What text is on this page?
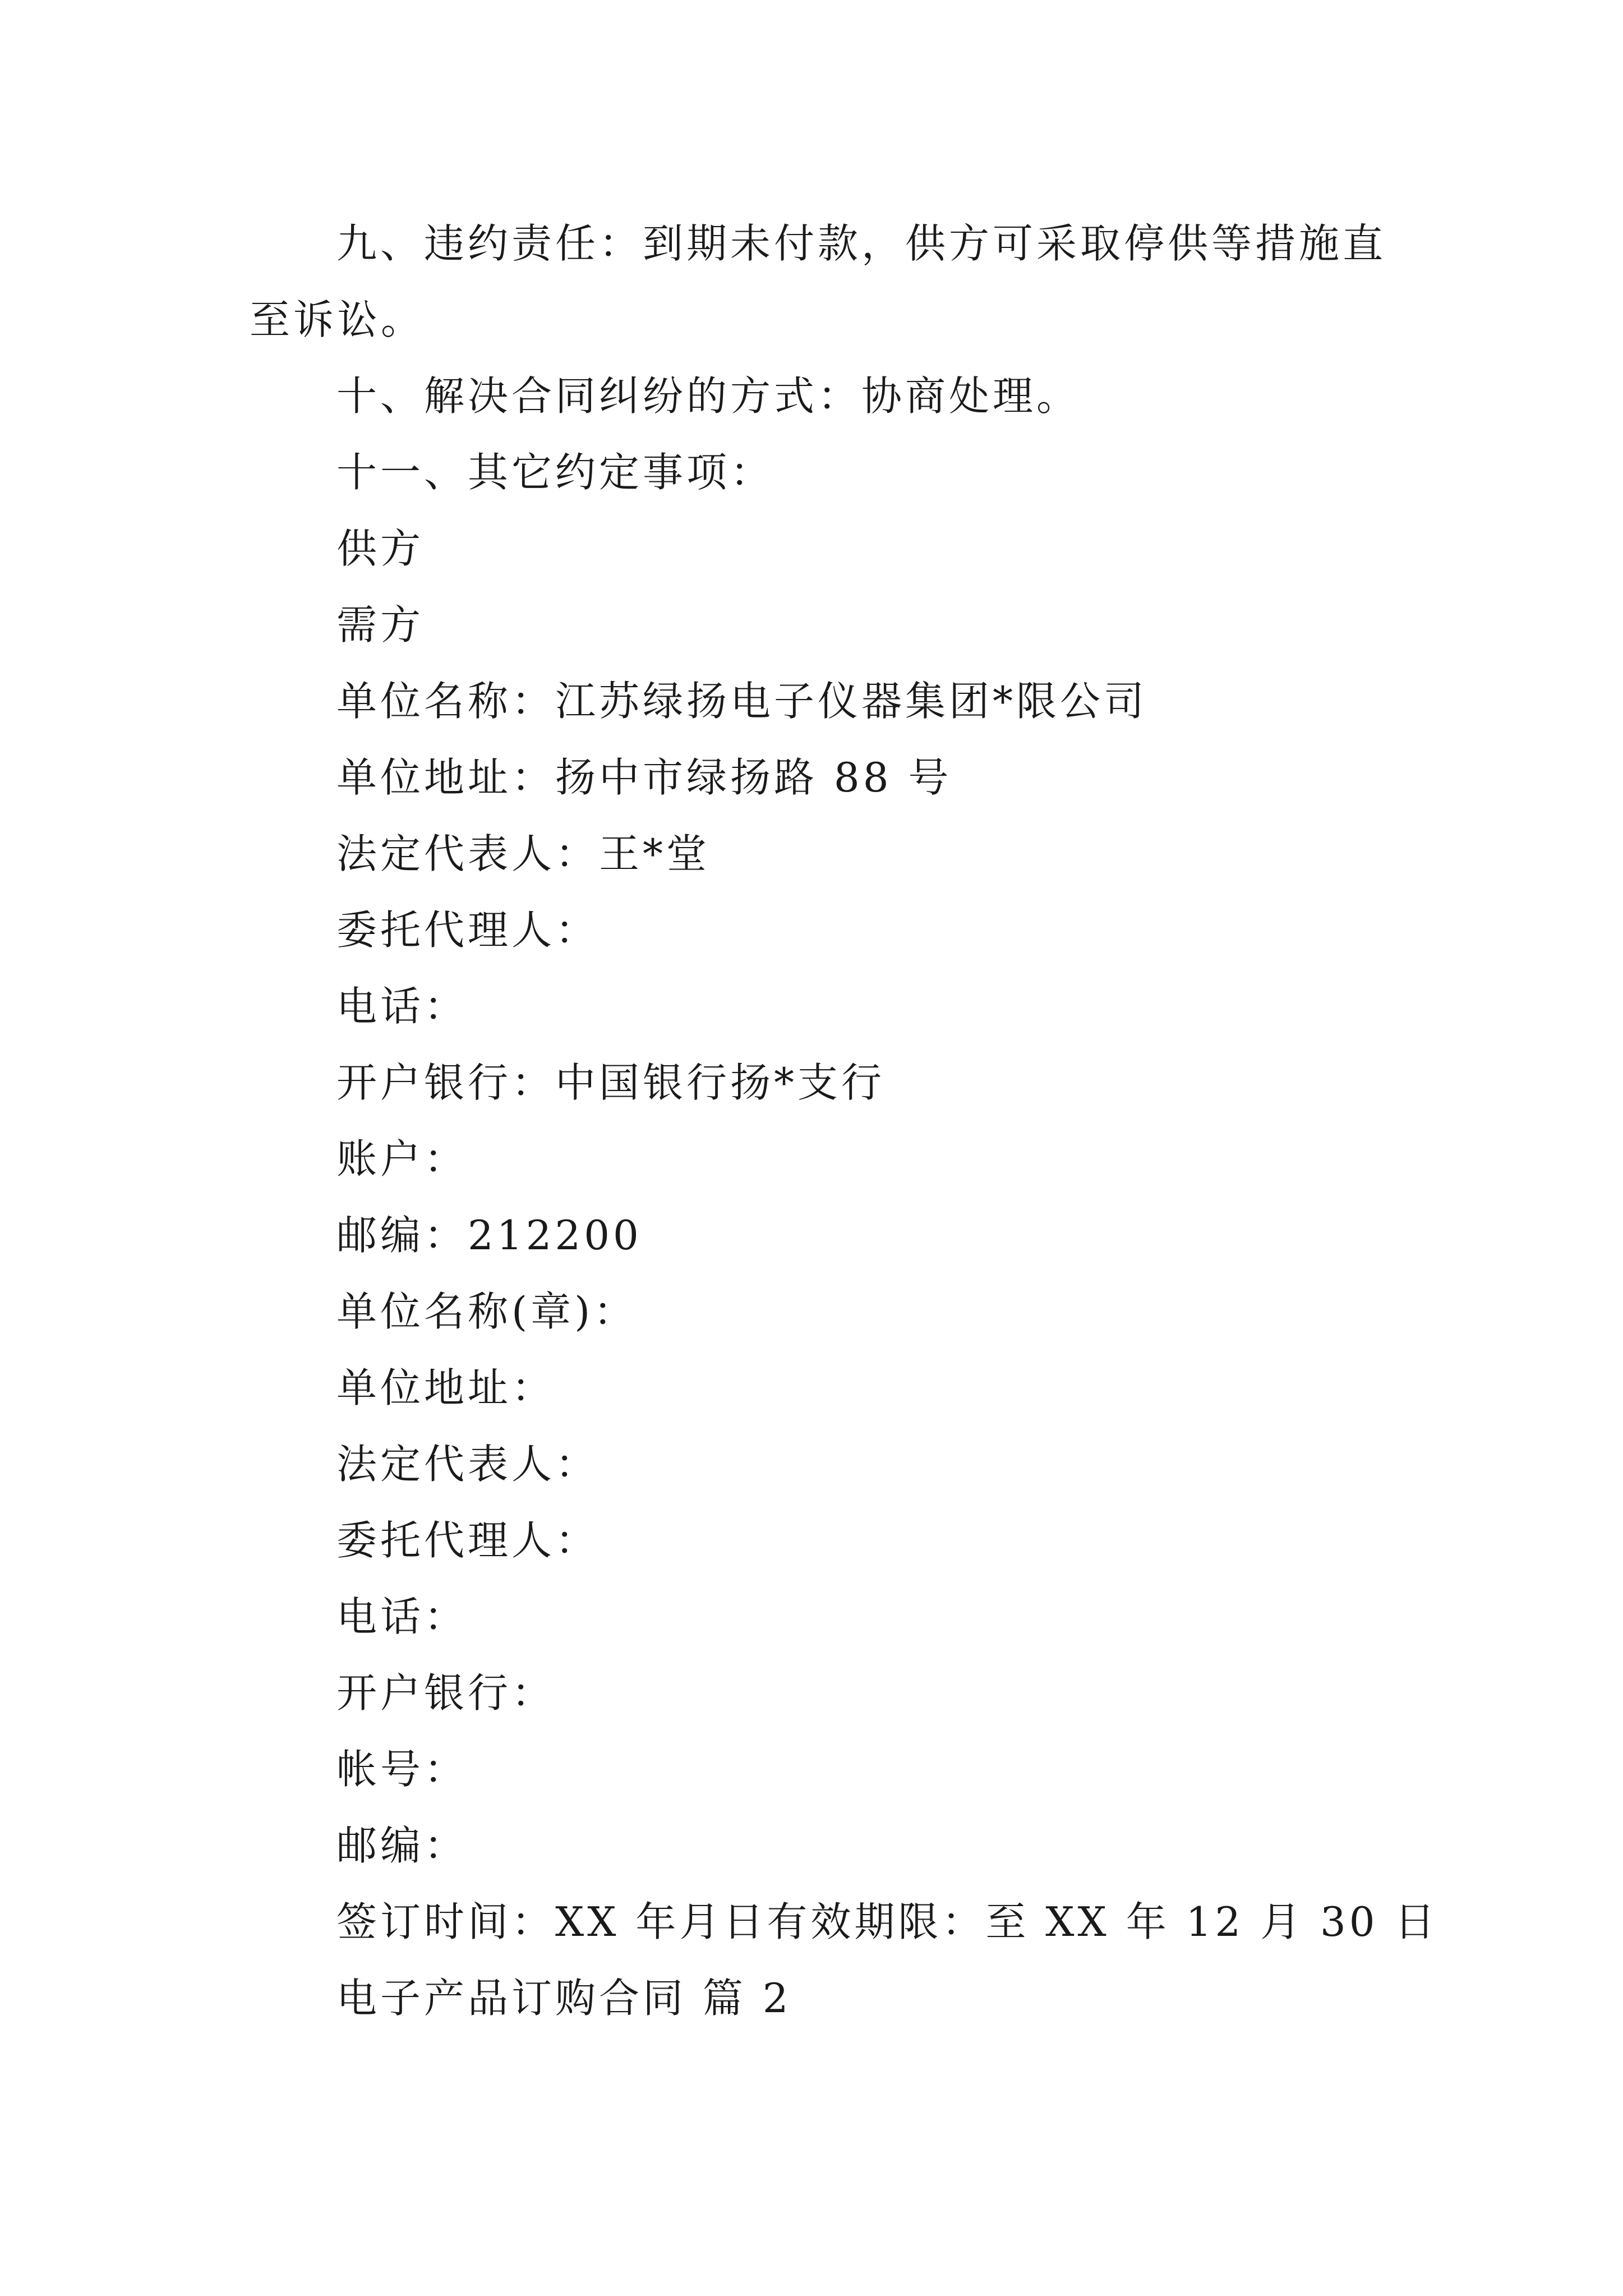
九、违约责任：到期未付款，供方可采取停供等措施直
至诉讼。
十、解决合同纠纷的方式：协商处理。
十一、其它约定事项：
供方
需方
单位名称：江苏绿扬电子仪器集团*限公司
单位地址：扬中市绿扬路 88 号
法定代表人：王*堂
委托代理人：
电话：
开户银行：中国银行扬*支行
账户：
邮编：212200
单位名称(章)：
单位地址：
法定代表人：
委托代理人：
电话：
开户银行：
帐号：
邮编：
签订时间：XX 年月日有效期限：至 XX 年 12 月 30 日
电子产品订购合同 篇 2
